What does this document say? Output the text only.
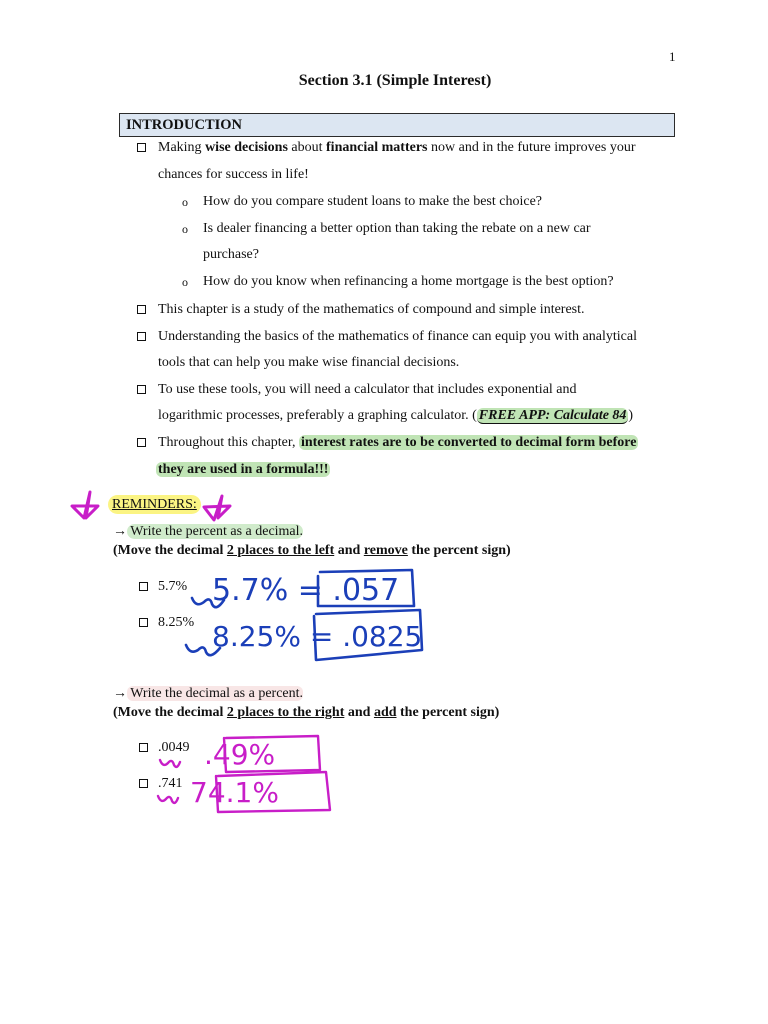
1
Section 3.1 (Simple Interest)
INTRODUCTION
Making wise decisions about financial matters now and in the future improves your
chances for success in life!
o How do you compare student loans to make the best choice?
o Is dealer financing a better option than taking the rebate on a new car
purchase?
o How do you know when refinancing a home mortgage is the best option?
This chapter is a study of the mathematics of compound and simple interest.
Understanding the basics of the mathematics of finance can equip you with analytical
tools that can help you make wise financial decisions.
To use these tools, you will need a calculator that includes exponential and
logarithmic processes, preferably a graphing calculator. ( FREE APP: Calculate 84 )
Throughout this chapter, interest rates are to be converted to decimal form before
they are used in a formula!!!
REMINDERS:
→ Write the percent as a decimal.
(Move the decimal 2 places to the left and remove the percent sign)
5.7%
8.25%
→ Write the decimal as a percent.
(Move the decimal 2 places to the right and add the percent sign)
.0049
.741
5.7% = .057
8.25% = .0825
.49%
74.1%
